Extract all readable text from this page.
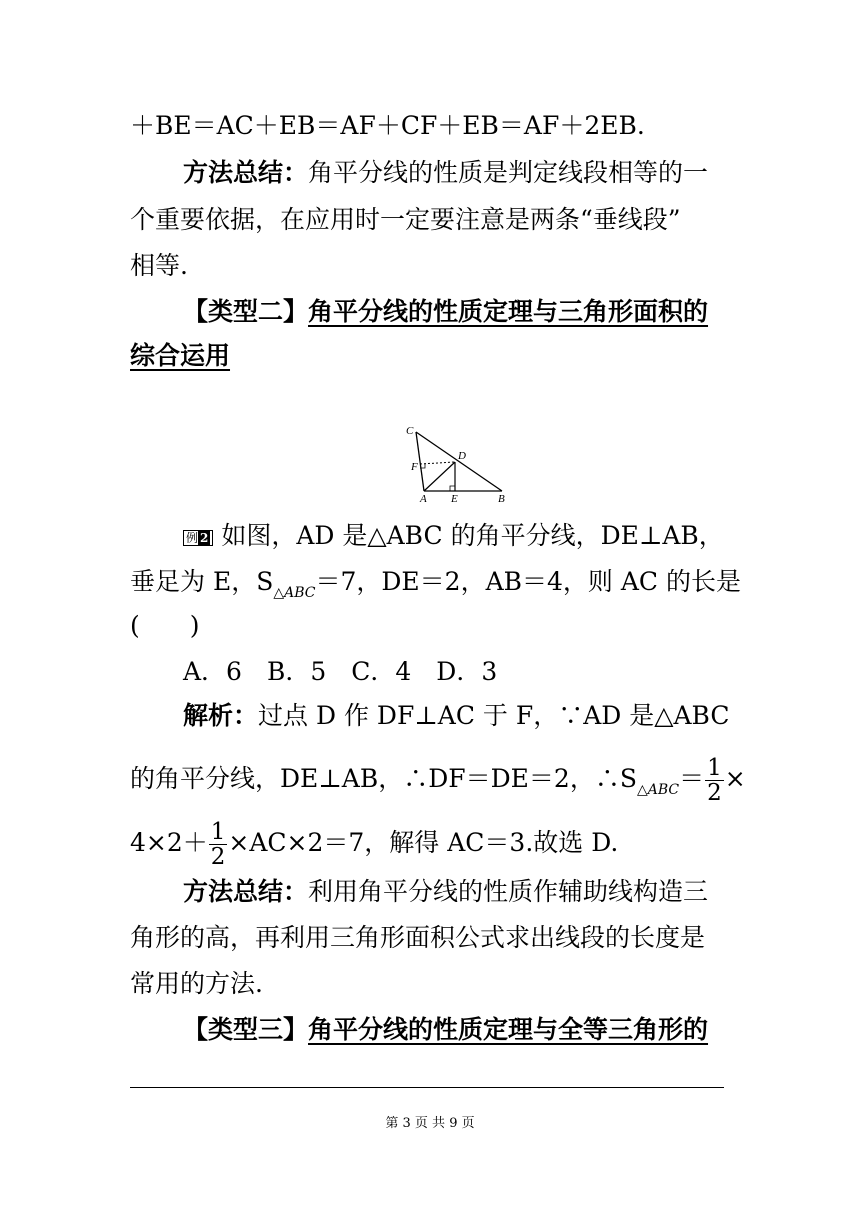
＋BE＝AC＋EB＝AF＋CF＋EB＝AF＋2EB.
方法总结：角平分线的性质是判定线段相等的一
个重要依据，在应用时一定要注意是两条“垂线段”
相等.
【类型二】角平分线的性质定理与三角形面积的
综合运用
C
D
F
A E	B
例 2 如图，AD 是△ABC 的角平分线，DE⊥AB，
垂足为 E，$S_{\triangle ABC}=7$，DE＝2，AB＝4，则 AC 的长是
(　　)
A．6　B．5　C．4　D．3
解析：过点 D 作 DF⊥AC 于 F，∵AD 是△ABC
的角平分线，DE⊥AB，∴DF＝DE＝2，$\therefore S_{\triangle ABC}= \frac{1}{2}$ ×
$4\times 2+ \frac{1}{2} \times AC\times 2=7$，解得 AC＝3.故选 D.
方法总结：利用角平分线的性质作辅助线构造三
角形的高，再利用三角形面积公式求出线段的长度是
常用的方法.
【类型三】角平分线的性质定理与全等三角形的
第 3 页 共 9 页
